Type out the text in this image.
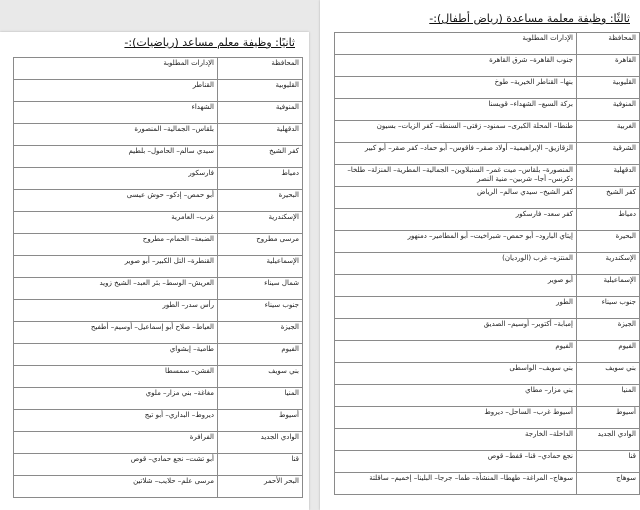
ثانيًا: وظيفة معلم مساعد (رياضيات):-
المحافظة	الإدارات المطلوبة
القليوبية	القناطر
المنوفية	الشهداء
الدقهلية	بلقاس– الجمالية– المنصورة
كفر الشيخ	سيدي سالم– الحامول– بلطيم
دمياط	فارسكور
البحيرة	أبو حمص– إدكو– حوش عيسى
الإسكندرية	غرب– العامرية
مرسى مطروح	الضبعة– الحمام– مطروح
الإسماعيلية	القنطرة– التل الكبير– أبو صوير
شمال سيناء	العريش– الوسط– بئر العبد– الشيخ زويد
جنوب سيناء	رأس سدر– الطور
الجيزة	العياط– صلاح أبو إسماعيل– أوسيم– أطفيح
الفيوم	طامية– إبشواي
بني سويف	الفشن– سمسطا
المنيا	مغاغة– بني مزار– ملوي
أسيوط	ديروط– البداري– أبو تيج
الوادي الجديد	الفرافرة
قنا	أبو تشت– نجع حمادي– قوص
البحر الأحمر	مرسى علم– حلايب– شلاتين
ثالثًا: وظيفة معلمة مساعدة (رياض أطفال):-
المحافظة	الإدارات المطلوبة
القاهرة	جنوب القاهرة– شرق القاهرة
القليوبية	بنها– القناطر الخيرية– طوخ
المنوفية	بركة السبع– الشهداء– قويسنا
الغربية	طنطا– المحلة الكبرى– سمنود– زفتى– السنطة– كفر الزيات– بسيون
الشرقية	الزقازيق– الإبراهيمية– أولاد صقر– فاقوس– أبو حماد– كفر صقر– أبو كبير
الدقهلية	المنصورة– بلقاس– ميت غمر– السنبلاوين– الجمالية– المطرية– المنزلة– طلخا– دكرنس– أجا– شربين– منية النصر
كفر الشيخ	كفر الشيخ– سيدي سالم– الرياض
دمياط	كفر سعد– فارسكور
البحيرة	إيتاي البارود– أبو حمص– شبراخيت– أبو المطامير– دمنهور
الإسكندرية	المنتزه– غرب (الورديان)
الإسماعيلية	أبو صوير
جنوب سيناء	الطور
الجيزة	إمبابة– أكتوبر– أوسيم– الصديق
الفيوم	الفيوم
بني سويف	بني سويف– الواسطى
المنيا	بني مزار– مطاي
أسيوط	أسيوط غرب– الساحل– ديروط
الوادي الجديد	الداخلة– الخارجة
قنا	نجع حمادي– قنا– قفط– قوص
سوهاج	سوهاج– المراغة– طهطا– المنشأة– طما– جرجا– البلينا– إخميم– ساقلتة
